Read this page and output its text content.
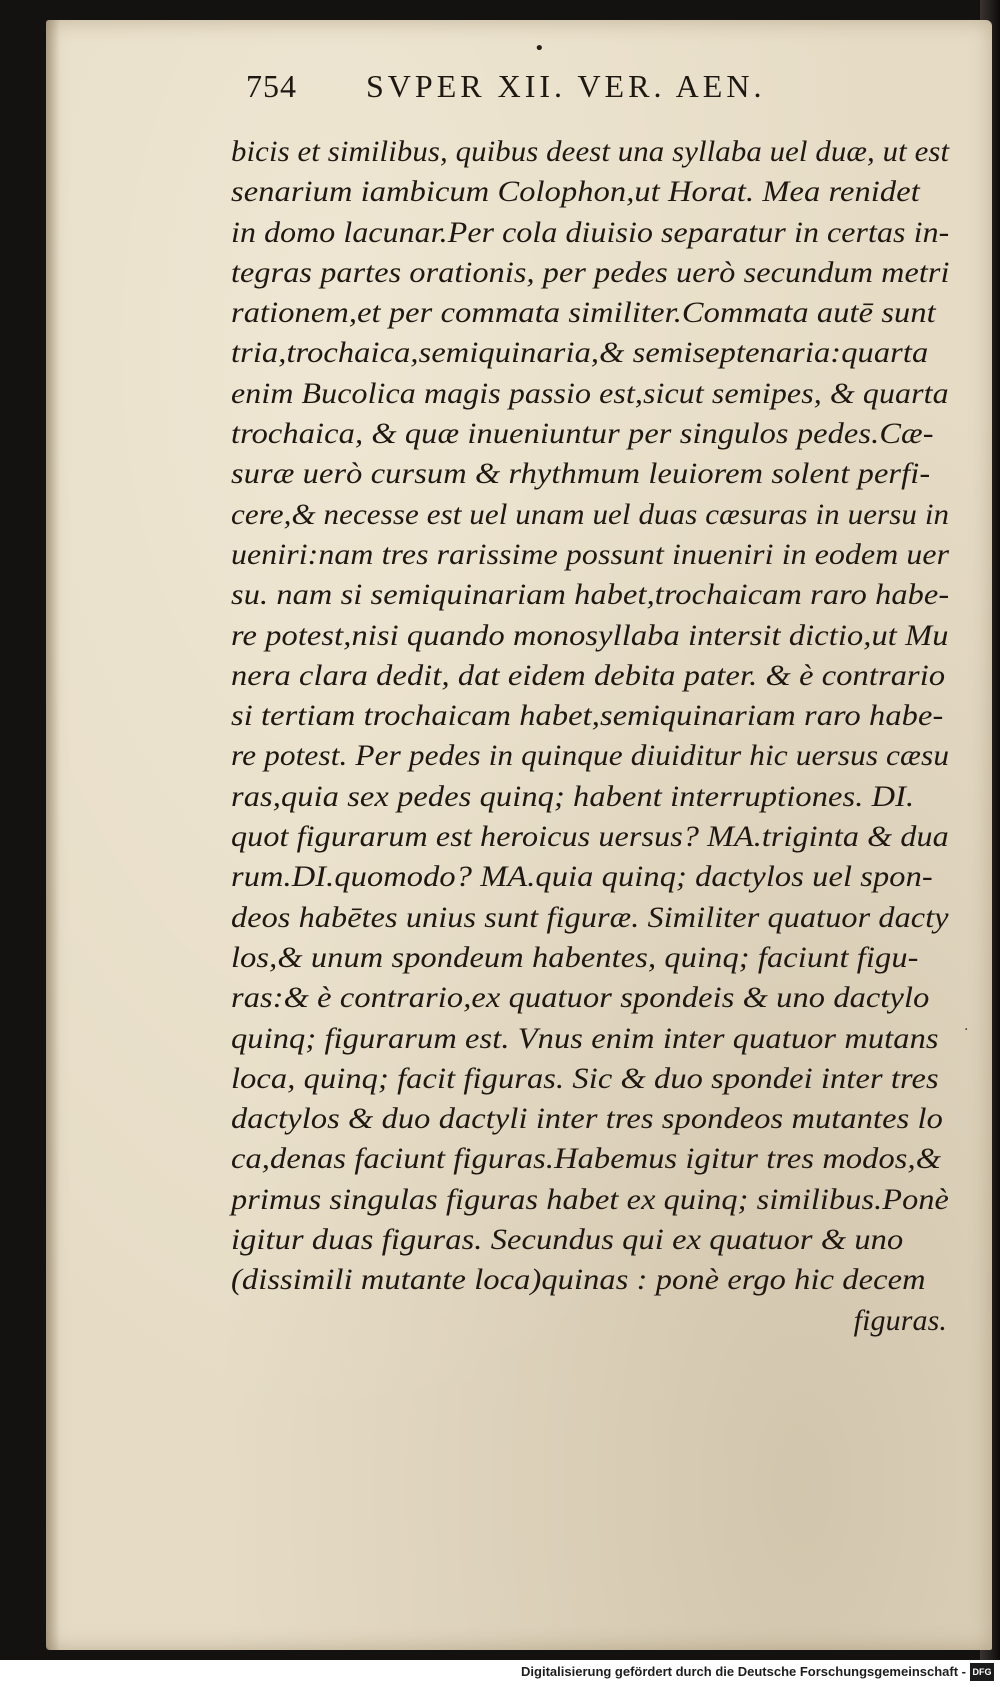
•
754 SVPER XII. VER. AEN.
bicis et similibus, quibus deest una syllaba uel duæ, ut est
senarium iambicum Colophon,ut Horat. Mea renidet
in domo lacunar.Per cola diuisio separatur in certas in-
tegras partes orationis, per pedes uerò secundum metri
rationem,et per commata similiter.Commata autē sunt
tria,trochaica,semiquinaria,& semiseptenaria:quarta
enim Bucolica magis passio est,sicut semipes, & quarta
trochaica, & quæ inueniuntur per singulos pedes.Cæ-
suræ uerò cursum & rhythmum leuiorem solent perfi-
cere,& necesse est uel unam uel duas cæsuras in uersu in
ueniri:nam tres rarissime possunt inueniri in eodem uer
su. nam si semiquinariam habet,trochaicam raro habe-
re potest,nisi quando monosyllaba intersit dictio,ut Mu
nera clara dedit, dat eidem debita pater. & è contrario
si tertiam trochaicam habet,semiquinariam raro habe-
re potest. Per pedes in quinque diuiditur hic uersus cæsu
ras,quia sex pedes quinq; habent interruptiones. DI.
quot figurarum est heroicus uersus? MA.triginta & dua
rum.DI.quomodo? MA.quia quinq; dactylos uel spon-
deos habētes unius sunt figuræ. Similiter quatuor dacty
los,& unum spondeum habentes, quinq; faciunt figu-
ras:& è contrario,ex quatuor spondeis & uno dactylo
quinq; figurarum est. Vnus enim inter quatuor mutans
loca, quinq; facit figuras. Sic & duo spondei inter tres
dactylos & duo dactyli inter tres spondeos mutantes lo
ca,denas faciunt figuras.Habemus igitur tres modos,&
primus singulas figuras habet ex quinq; similibus.Ponè
igitur duas figuras. Secundus qui ex quatuor & uno
(dissimili mutante loca)quinas : ponè ergo hic decem
figuras.
·
Digitalisierung gefördert durch die Deutsche Forschungsgemeinschaft - DFG
